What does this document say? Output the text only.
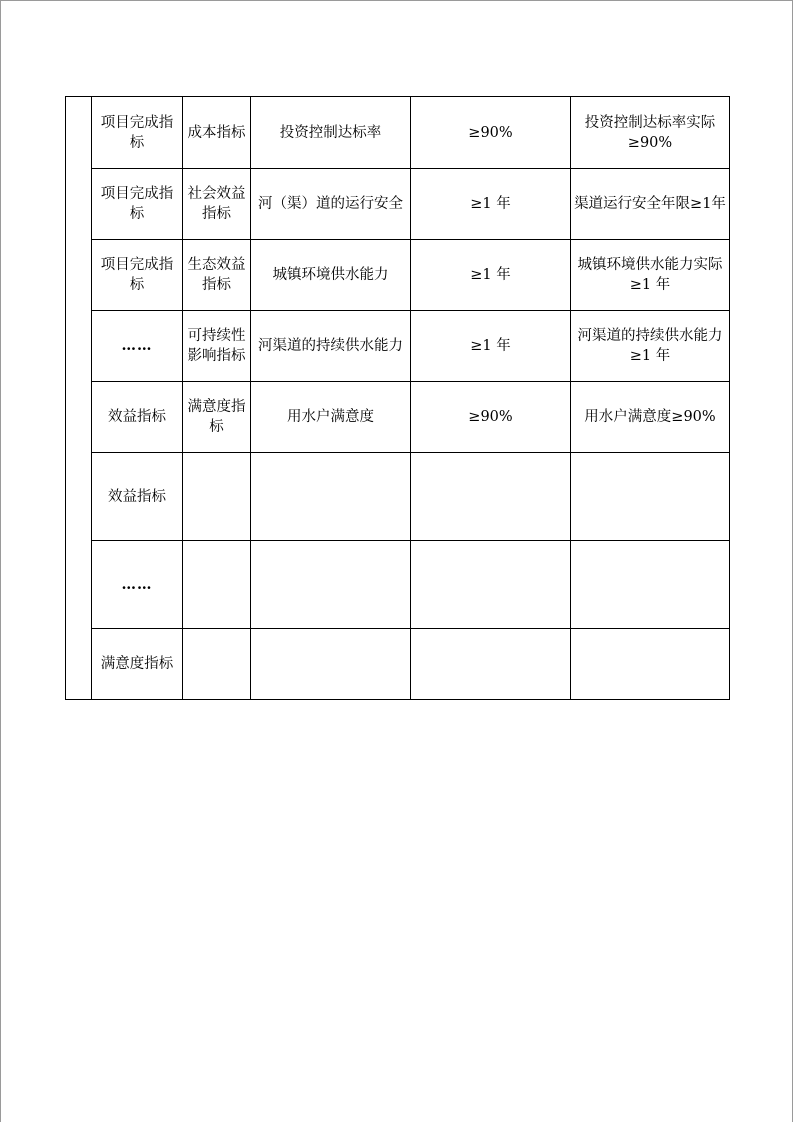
	项目完成指标	成本指标	投资控制达标率	≥90%	投资控制达标率实际≥90%
	项目完成指标	社会效益指标	河（渠）道的运行安全	≥1 年	渠道运行安全年限≥1年
	项目完成指标	生态效益指标	城镇环境供水能力	≥1 年	城镇环境供水能力实际≥1 年
	……	可持续性影响指标	河渠道的持续供水能力	≥1 年	河渠道的持续供水能力≥1 年
	效益指标	满意度指标	用水户满意度	≥90%	用水户满意度≥90%
	效益指标				
	……				
	满意度指标				
